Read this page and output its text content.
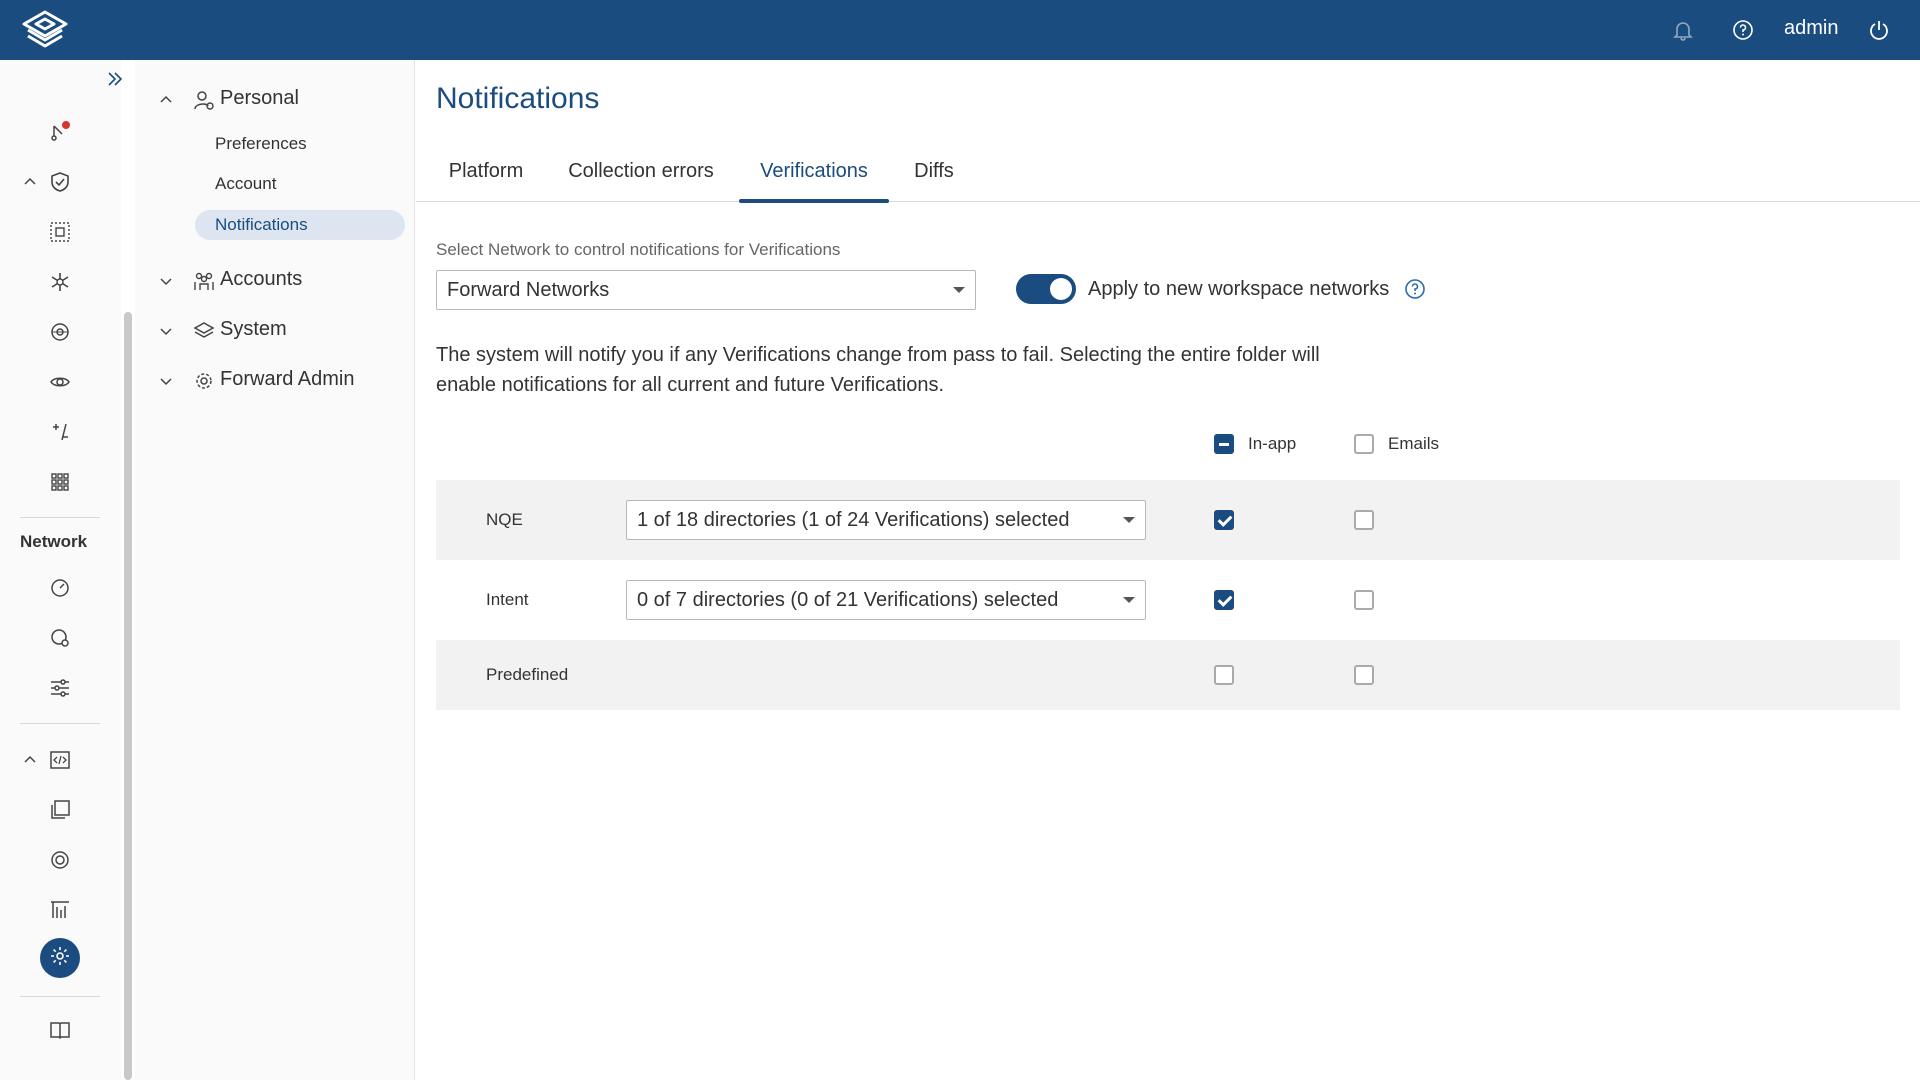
admin
Network
Personal
Preferences
Account
Notifications
Accounts
System
Forward Admin
Notifications
Platform	Collection errors	Verifications	Diffs
Select Network to control notifications for Verifications
Forward Networks	Apply to new workspace networks

The system will notify you if any Verifications change from pass to fail. Selecting the entire folder will enable notifications for all current and future Verifications.

In-app	Emails
NQE	1 of 18 directories (1 of 24 Verifications) selected
Intent	0 of 7 directories (0 of 21 Verifications) selected
Predefined
